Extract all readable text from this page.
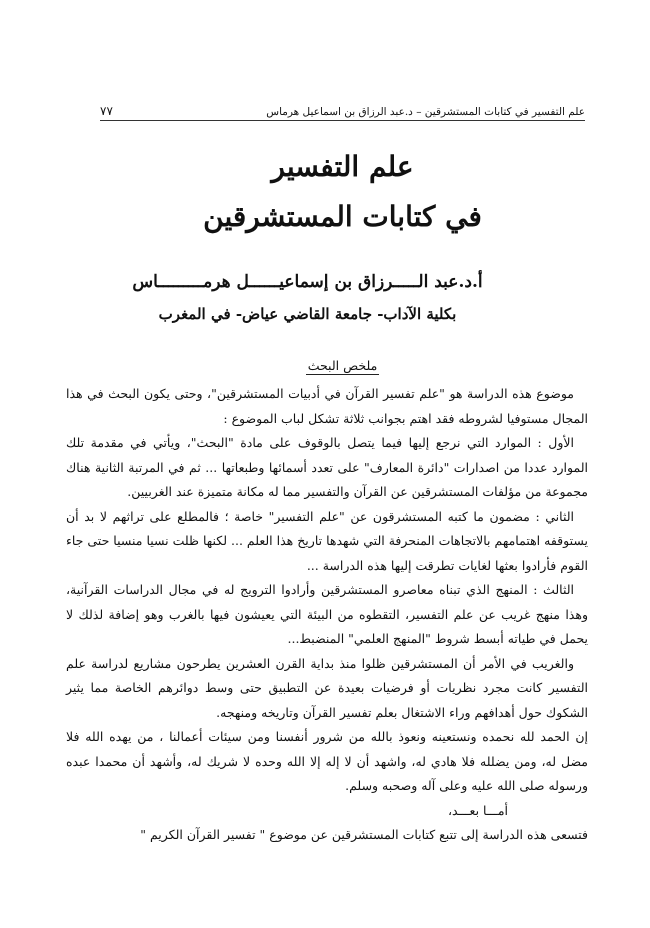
علم التفسير في كتابات المستشرقين – د.عبد الرزاق بن اسماعيل هرماس
٧٧
علم التفسير
في كتابات المستشرقين
أ.د.عبد الـــــرزاق بن إسماعيــــــل هرمـــــــــاس
بكلية الآداب- جامعة القاضي عياض- في المغرب
ملخص البحث

موضوع هذه الدراسة هو "علم تفسير القرآن في أدبيات المستشرقين"، وحتى يكون البحث في هذا المجال مستوفيا لشروطه فقد اهتم بجوانب ثلاثة تشكل لباب الموضوع :

الأول : الموارد التي نرجع إليها فيما يتصل بالوقوف على مادة "البحث"، ويأتي في مقدمة تلك الموارد عددا من اصدارات "دائرة المعارف" على تعدد أسمائها وطبعاتها ... ثم في المرتبة الثانية هناك مجموعة من مؤلفات المستشرقين عن القرآن والتفسير مما له مكانة متميزة عند الغربيين.

الثاني : مضمون ما كتبه المستشرقون عن "علم التفسير" خاصة ؛ فالمطلع على تراثهم لا بد أن يستوقفه اهتمامهم بالاتجاهات المنحرفة التي شهدها تاريخ هذا العلم ... لكنها ظلت نسيا منسيا حتى جاء القوم فأرادوا بعثها لغايات تطرقت إليها هذه الدراسة ...

الثالث : المنهج الذي تبناه معاصرو المستشرقين وأرادوا الترويج له في مجال الدراسات القرآنية، وهذا منهج غريب عن علم التفسير، التقطوه من البيئة التي يعيشون فيها بالغرب وهو إضافة لذلك لا يحمل في طياته أبسط شروط "المنهج العلمي" المنضبط...

والغريب في الأمر أن المستشرقين ظلوا منذ بداية القرن العشرين يطرحون مشاريع لدراسة علم التفسير كانت مجرد نظريات أو فرضيات بعيدة عن التطبيق حتى وسط دوائرهم الخاصة مما يثير الشكوك حول أهدافهم وراء الاشتغال بعلم تفسير القرآن وتاريخه ومنهجه.

إن الحمد لله نحمده ونستعينه ونعوذ بالله من شرور أنفسنا ومن سيئات أعمالنا ، من يهده الله فلا مضل له، ومن يضلله فلا هادي له، واشهد أن لا إله إلا الله وحده لا شريك له، وأشهد أن محمدا عبده ورسوله صلى الله عليه وعلى آله وصحبه وسلم.

أمـــا بعـــد،

فتسعى هذه الدراسة إلى تتبع كتابات المستشرقين عن موضوع " تفسير القرآن الكريم "
